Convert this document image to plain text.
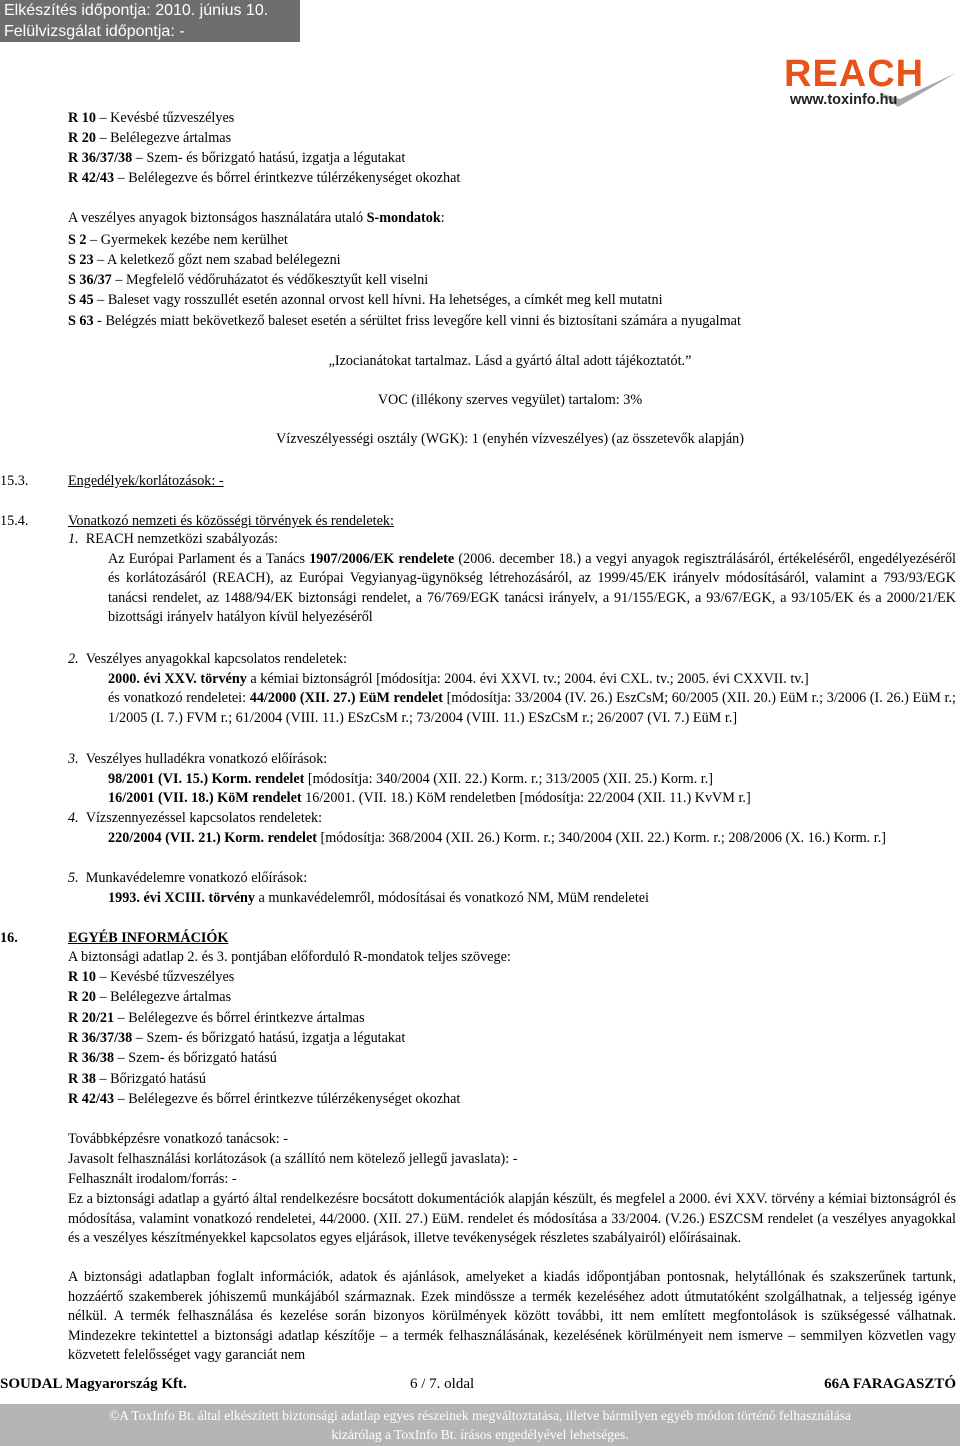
Elkészítés időpontja: 2010. június 10.
Felülvizsgálat időpontja: -
REACH
www.toxinfo.hu
R 10 – Kevésbé tűzveszélyes
R 20 – Belélegezve ártalmas
R 36/37/38 – Szem- és bőrizgató hatású, izgatja a légutakat
R 42/43 – Belélegezve és bőrrel érintkezve túlérzékenységet okozhat
A veszélyes anyagok biztonságos használatára utaló S-mondatok:
S 2 – Gyermekek kezébe nem kerülhet
S 23 – A keletkező gőzt nem szabad belélegezni
S 36/37 – Megfelelő védőruházatot és védőkesztyűt kell viselni
S 45 – Baleset vagy rosszullét esetén azonnal orvost kell hívni. Ha lehetséges, a címkét meg kell mutatni
S 63 - Belégzés miatt bekövetkező baleset esetén a sérültet friss levegőre kell vinni és biztosítani számára a nyugalmat
„Izocianátokat tartalmaz. Lásd a gyártó által adott tájékoztatót.”
VOC (illékony szerves vegyület) tartalom: 3%
Vízveszélyességi osztály (WGK): 1 (enyhén vízveszélyes) (az összetevők alapján)
15.3.	Engedélyek/korlátozások: -
15.4.	Vonatkozó nemzeti és közösségi törvények és rendeletek:
1. REACH nemzetközi szabályozás:
Az Európai Parlament és a Tanács 1907/2006/EK rendelete (2006. december 18.) a vegyi anyagok regisztrálásáról, értékeléséről, engedélyezéséről és korlátozásáról (REACH), az Európai Vegyianyag-ügynökség létrehozásáról, az 1999/45/EK irányelv módosításáról, valamint a 793/93/EGK tanácsi rendelet, az 1488/94/EK biztonsági rendelet, a 76/769/EGK tanácsi irányelv, a 91/155/EGK, a 93/67/EGK, a 93/105/EK és a 2000/21/EK bizottsági irányelv hatályon kívül helyezéséről
2. Veszélyes anyagokkal kapcsolatos rendeletek:
2000. évi XXV. törvény a kémiai biztonságról [módosítja: 2004. évi XXVI. tv.; 2004. évi CXL. tv.; 2005. évi CXXVII. tv.]
és vonatkozó rendeletei: 44/2000 (XII. 27.) EüM rendelet [módosítja: 33/2004 (IV. 26.) EszCsM; 60/2005 (XII. 20.) EüM r.; 3/2006 (I. 26.) EüM r.; 1/2005 (I. 7.) FVM r.; 61/2004 (VIII. 11.) ESzCsM r.; 73/2004 (VIII. 11.) ESzCsM r.; 26/2007 (VI. 7.) EüM r.]
3. Veszélyes hulladékra vonatkozó előírások:
98/2001 (VI. 15.) Korm. rendelet [módosítja: 340/2004 (XII. 22.) Korm. r.; 313/2005 (XII. 25.) Korm. r.]
16/2001 (VII. 18.) KöM rendelet 16/2001. (VII. 18.) KöM rendeletben [módosítja: 22/2004 (XII. 11.) KvVM r.]
4. Vízszennyezéssel kapcsolatos rendeletek:
220/2004 (VII. 21.) Korm. rendelet [módosítja: 368/2004 (XII. 26.) Korm. r.; 340/2004 (XII. 22.) Korm. r.; 208/2006 (X. 16.) Korm. r.]
5. Munkavédelemre vonatkozó előírások:
1993. évi XCIII. törvény a munkavédelemről, módosításai és vonatkozó NM, MüM rendeletei
16.	EGYÉB INFORMÁCIÓK
A biztonsági adatlap 2. és 3. pontjában előforduló R-mondatok teljes szövege:
R 10 – Kevésbé tűzveszélyes
R 20 – Belélegezve ártalmas
R 20/21 – Belélegezve és bőrrel érintkezve ártalmas
R 36/37/38 – Szem- és bőrizgató hatású, izgatja a légutakat
R 36/38 – Szem- és bőrizgató hatású
R 38 – Bőrizgató hatású
R 42/43 – Belélegezve és bőrrel érintkezve túlérzékenységet okozhat
Továbbképzésre vonatkozó tanácsok: -
Javasolt felhasználási korlátozások (a szállító nem kötelező jellegű javaslata): -
Felhasznált irodalom/forrás: -
Ez a biztonsági adatlap a gyártó által rendelkezésre bocsátott dokumentációk alapján készült, és megfelel a 2000. évi XXV. törvény a kémiai biztonságról és módosítása, valamint vonatkozó rendeletei, 44/2000. (XII. 27.) EüM. rendelet és módosítása a 33/2004. (V.26.) ESZCSM rendelet (a veszélyes anyagokkal és a veszélyes készítményekkel kapcsolatos egyes eljárások, illetve tevékenységek részletes szabályairól) előírásainak.
A biztonsági adatlapban foglalt információk, adatok és ajánlások, amelyeket a kiadás időpontjában pontosnak, helytállónak és szakszerűnek tartunk, hozzáértő szakemberek jóhiszemű munkájából származnak. Ezek mindössze a termék kezeléséhez adott útmutatóként szolgálhatnak, a teljesség igénye nélkül. A termék felhasználása és kezelése során bizonyos körülmények között további, itt nem említett megfontolások is szükségessé válhatnak. Mindezekre tekintettel a biztonsági adatlap készítője – a termék felhasználásának, kezelésének körülményeit nem ismerve – semmilyen közvetlen vagy közvetett felelősséget vagy garanciát nem
SOUDAL Magyarország Kft.	6 / 7. oldal	66A FARAGASZTÓ
©A ToxInfo Bt. által elkészített biztonsági adatlap egyes részeinek megváltoztatása, illetve bármilyen egyéb módon történő felhasználása
kizárólag a ToxInfo Bt. írásos engedélyével lehetséges.
